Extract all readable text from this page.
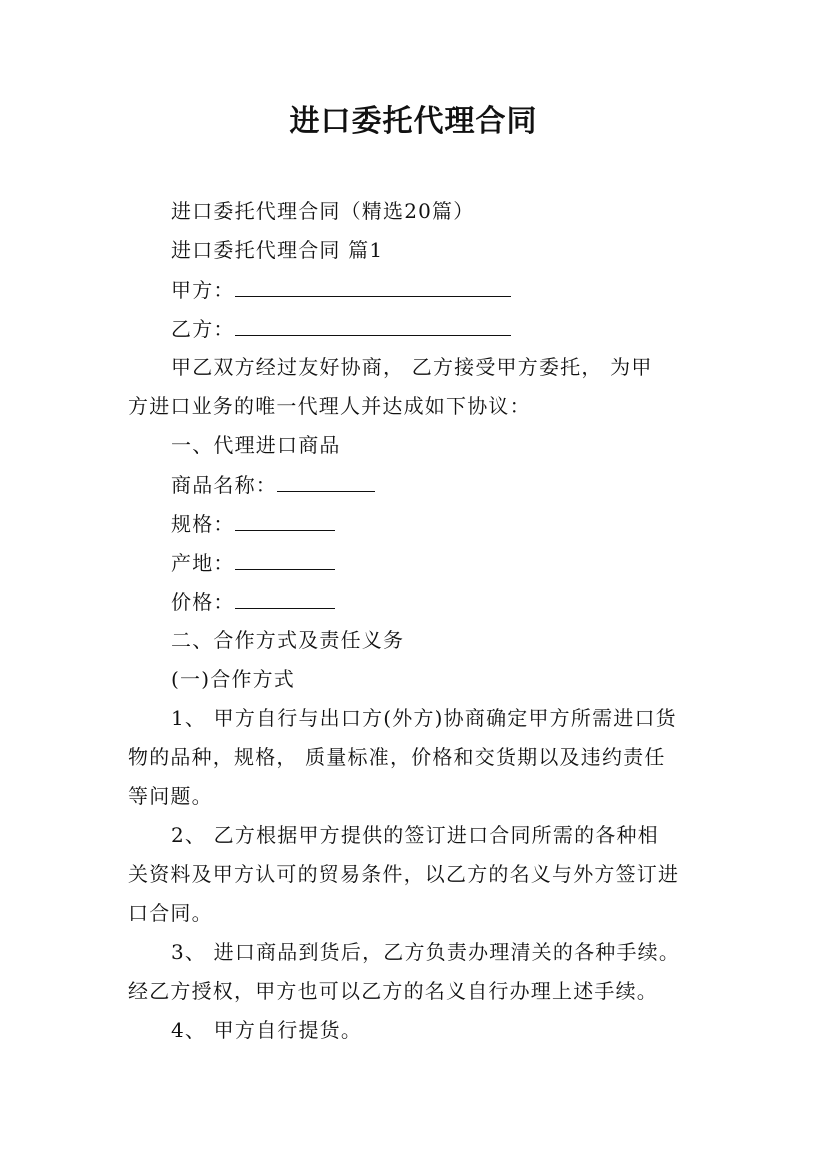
进口委托代理合同
进口委托代理合同（精选20篇）
进口委托代理合同 篇1
甲方：
乙方：
甲乙双方经过友好协商， 乙方接受甲方委托， 为甲
方进口业务的唯一代理人并达成如下协议：
一、代理进口商品
商品名称：
规格：
产地：
价格：
二、合作方式及责任义务
(一)合作方式
1、 甲方自行与出口方(外方)协商确定甲方所需进口货
物的品种，规格， 质量标准，价格和交货期以及违约责任
等问题。
2、 乙方根据甲方提供的签订进口合同所需的各种相
关资料及甲方认可的贸易条件，以乙方的名义与外方签订进
口合同。
3、 进口商品到货后，乙方负责办理清关的各种手续。
经乙方授权，甲方也可以乙方的名义自行办理上述手续。
4、 甲方自行提货。
